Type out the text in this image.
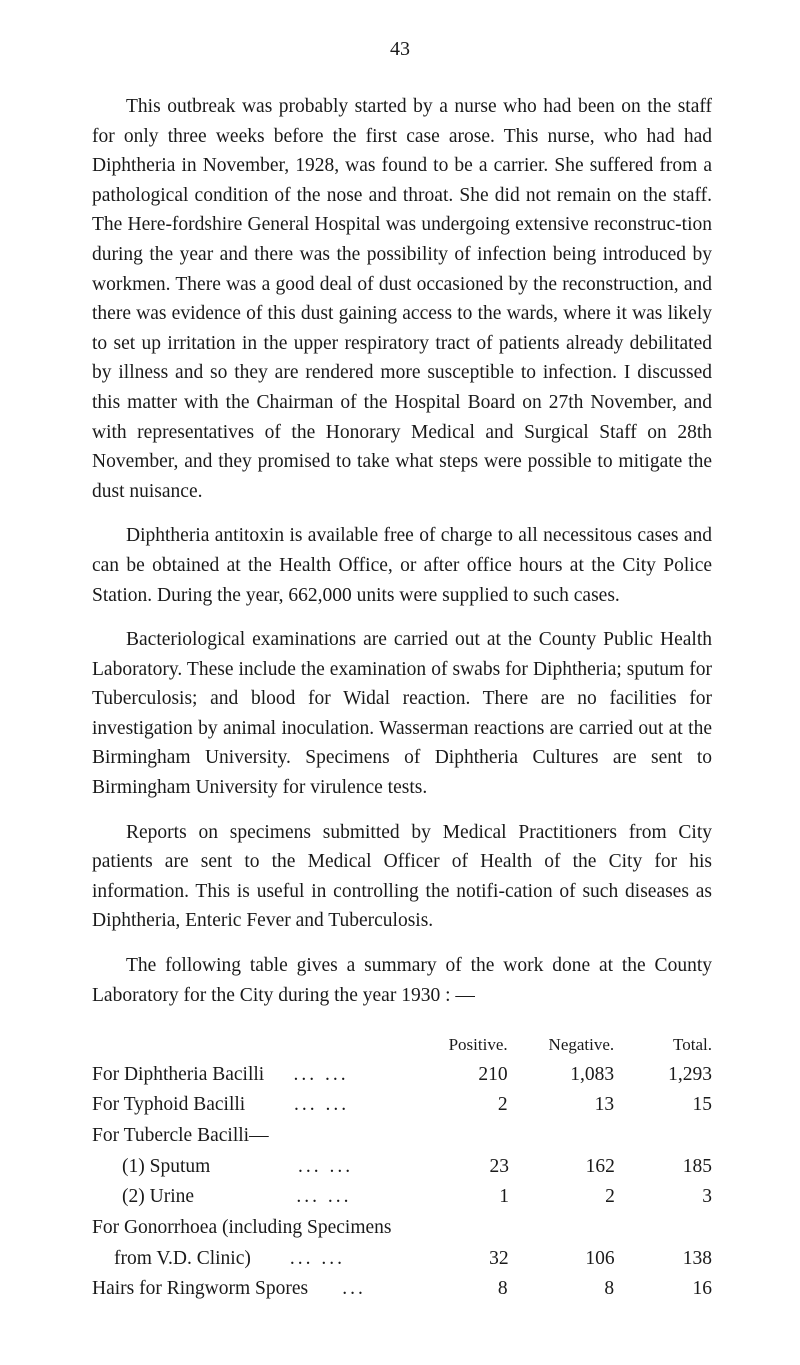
43

This outbreak was probably started by a nurse who had been on the staff for only three weeks before the first case arose. This nurse, who had had Diphtheria in November, 1928, was found to be a carrier. She suffered from a pathological condition of the nose and throat. She did not remain on the staff. The Here-fordshire General Hospital was undergoing extensive reconstruc-tion during the year and there was the possibility of infection being introduced by workmen. There was a good deal of dust occasioned by the reconstruction, and there was evidence of this dust gaining access to the wards, where it was likely to set up irritation in the upper respiratory tract of patients already debilitated by illness and so they are rendered more susceptible to infection. I discussed this matter with the Chairman of the Hospital Board on 27th November, and with representatives of the Honorary Medical and Surgical Staff on 28th November, and they promised to take what steps were possible to mitigate the dust nuisance.

Diphtheria antitoxin is available free of charge to all necessitous cases and can be obtained at the Health Office, or after office hours at the City Police Station. During the year, 662,000 units were supplied to such cases.

Bacteriological examinations are carried out at the County Public Health Laboratory. These include the examination of swabs for Diphtheria; sputum for Tuberculosis; and blood for Widal reaction. There are no facilities for investigation by animal inoculation. Wasserman reactions are carried out at the Birmingham University. Specimens of Diphtheria Cultures are sent to Birmingham University for virulence tests.

Reports on specimens submitted by Medical Practitioners from City patients are sent to the Medical Officer of Health of the City for his information. This is useful in controlling the notifi-cation of such diseases as Diphtheria, Enteric Fever and Tuberculosis.

The following table gives a summary of the work done at the County Laboratory for the City during the year 1930 : —

Positive.	Negative.	Total.
For Diphtheria Bacilli ... ...	210	1,083	1,293
For Typhoid Bacilli	... ...	2	13	15
For Tubercle Bacilli—
(1) Sputum	... ...	23	162	185
(2) Urine	... ...	1	2	3
For Gonorrhoea (including Specimens
from V.D. Clinic) ... ...	32	106	138
Hairs for Ringworm Spores ...	8	8	16
